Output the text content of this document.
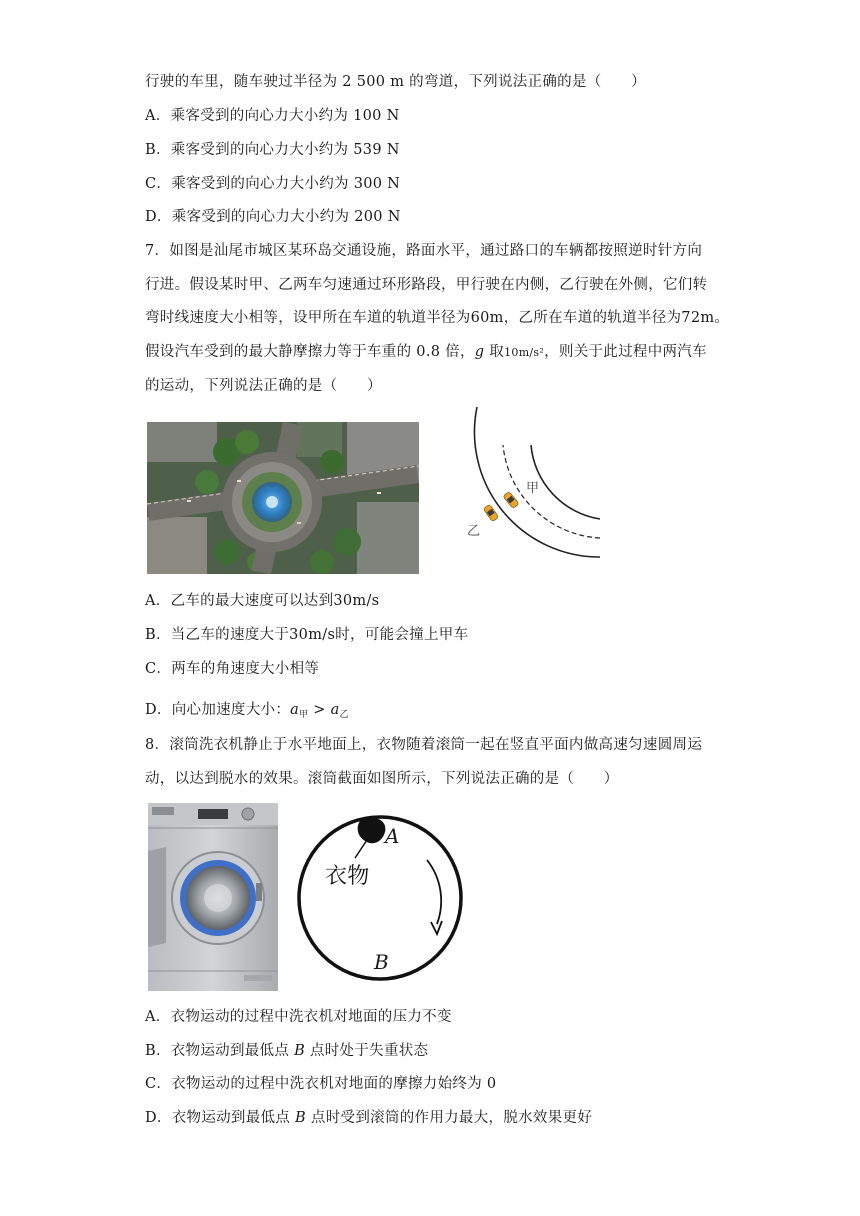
行驶的车里，随车驶过半径为 2 500 m 的弯道，下列说法正确的是（　　）
A．乘客受到的向心力大小约为 100 N
B．乘客受到的向心力大小约为 539 N
C．乘客受到的向心力大小约为 300 N
D．乘客受到的向心力大小约为 200 N
7．如图是汕尾市城区某环岛交通设施，路面水平，通过路口的车辆都按照逆时针方向
行进。假设某时甲、乙两车匀速通过环形路段，甲行驶在内侧，乙行驶在外侧，它们转
弯时线速度大小相等，设甲所在车道的轨道半径为60m，乙所在车道的轨道半径为72m。
假设汽车受到的最大静摩擦力等于车重的 0.8 倍，g 取10m/s²，则关于此过程中两汽车
的运动，下列说法正确的是（　　）
甲
乙
A．乙车的最大速度可以达到30m/s
B．当乙车的速度大于30m/s时，可能会撞上甲车
C．两车的角速度大小相等
D．向心加速度大小：$a_甲 > a_乙$
8．滚筒洗衣机静止于水平地面上，衣物随着滚筒一起在竖直平面内做高速匀速圆周运
动，以达到脱水的效果。滚筒截面如图所示，下列说法正确的是（　　）
衣物
A
B
A．衣物运动的过程中洗衣机对地面的压力不变
B．衣物运动到最低点 B 点时处于失重状态
C．衣物运动的过程中洗衣机对地面的摩擦力始终为 0
D．衣物运动到最低点 B 点时受到滚筒的作用力最大，脱水效果更好
